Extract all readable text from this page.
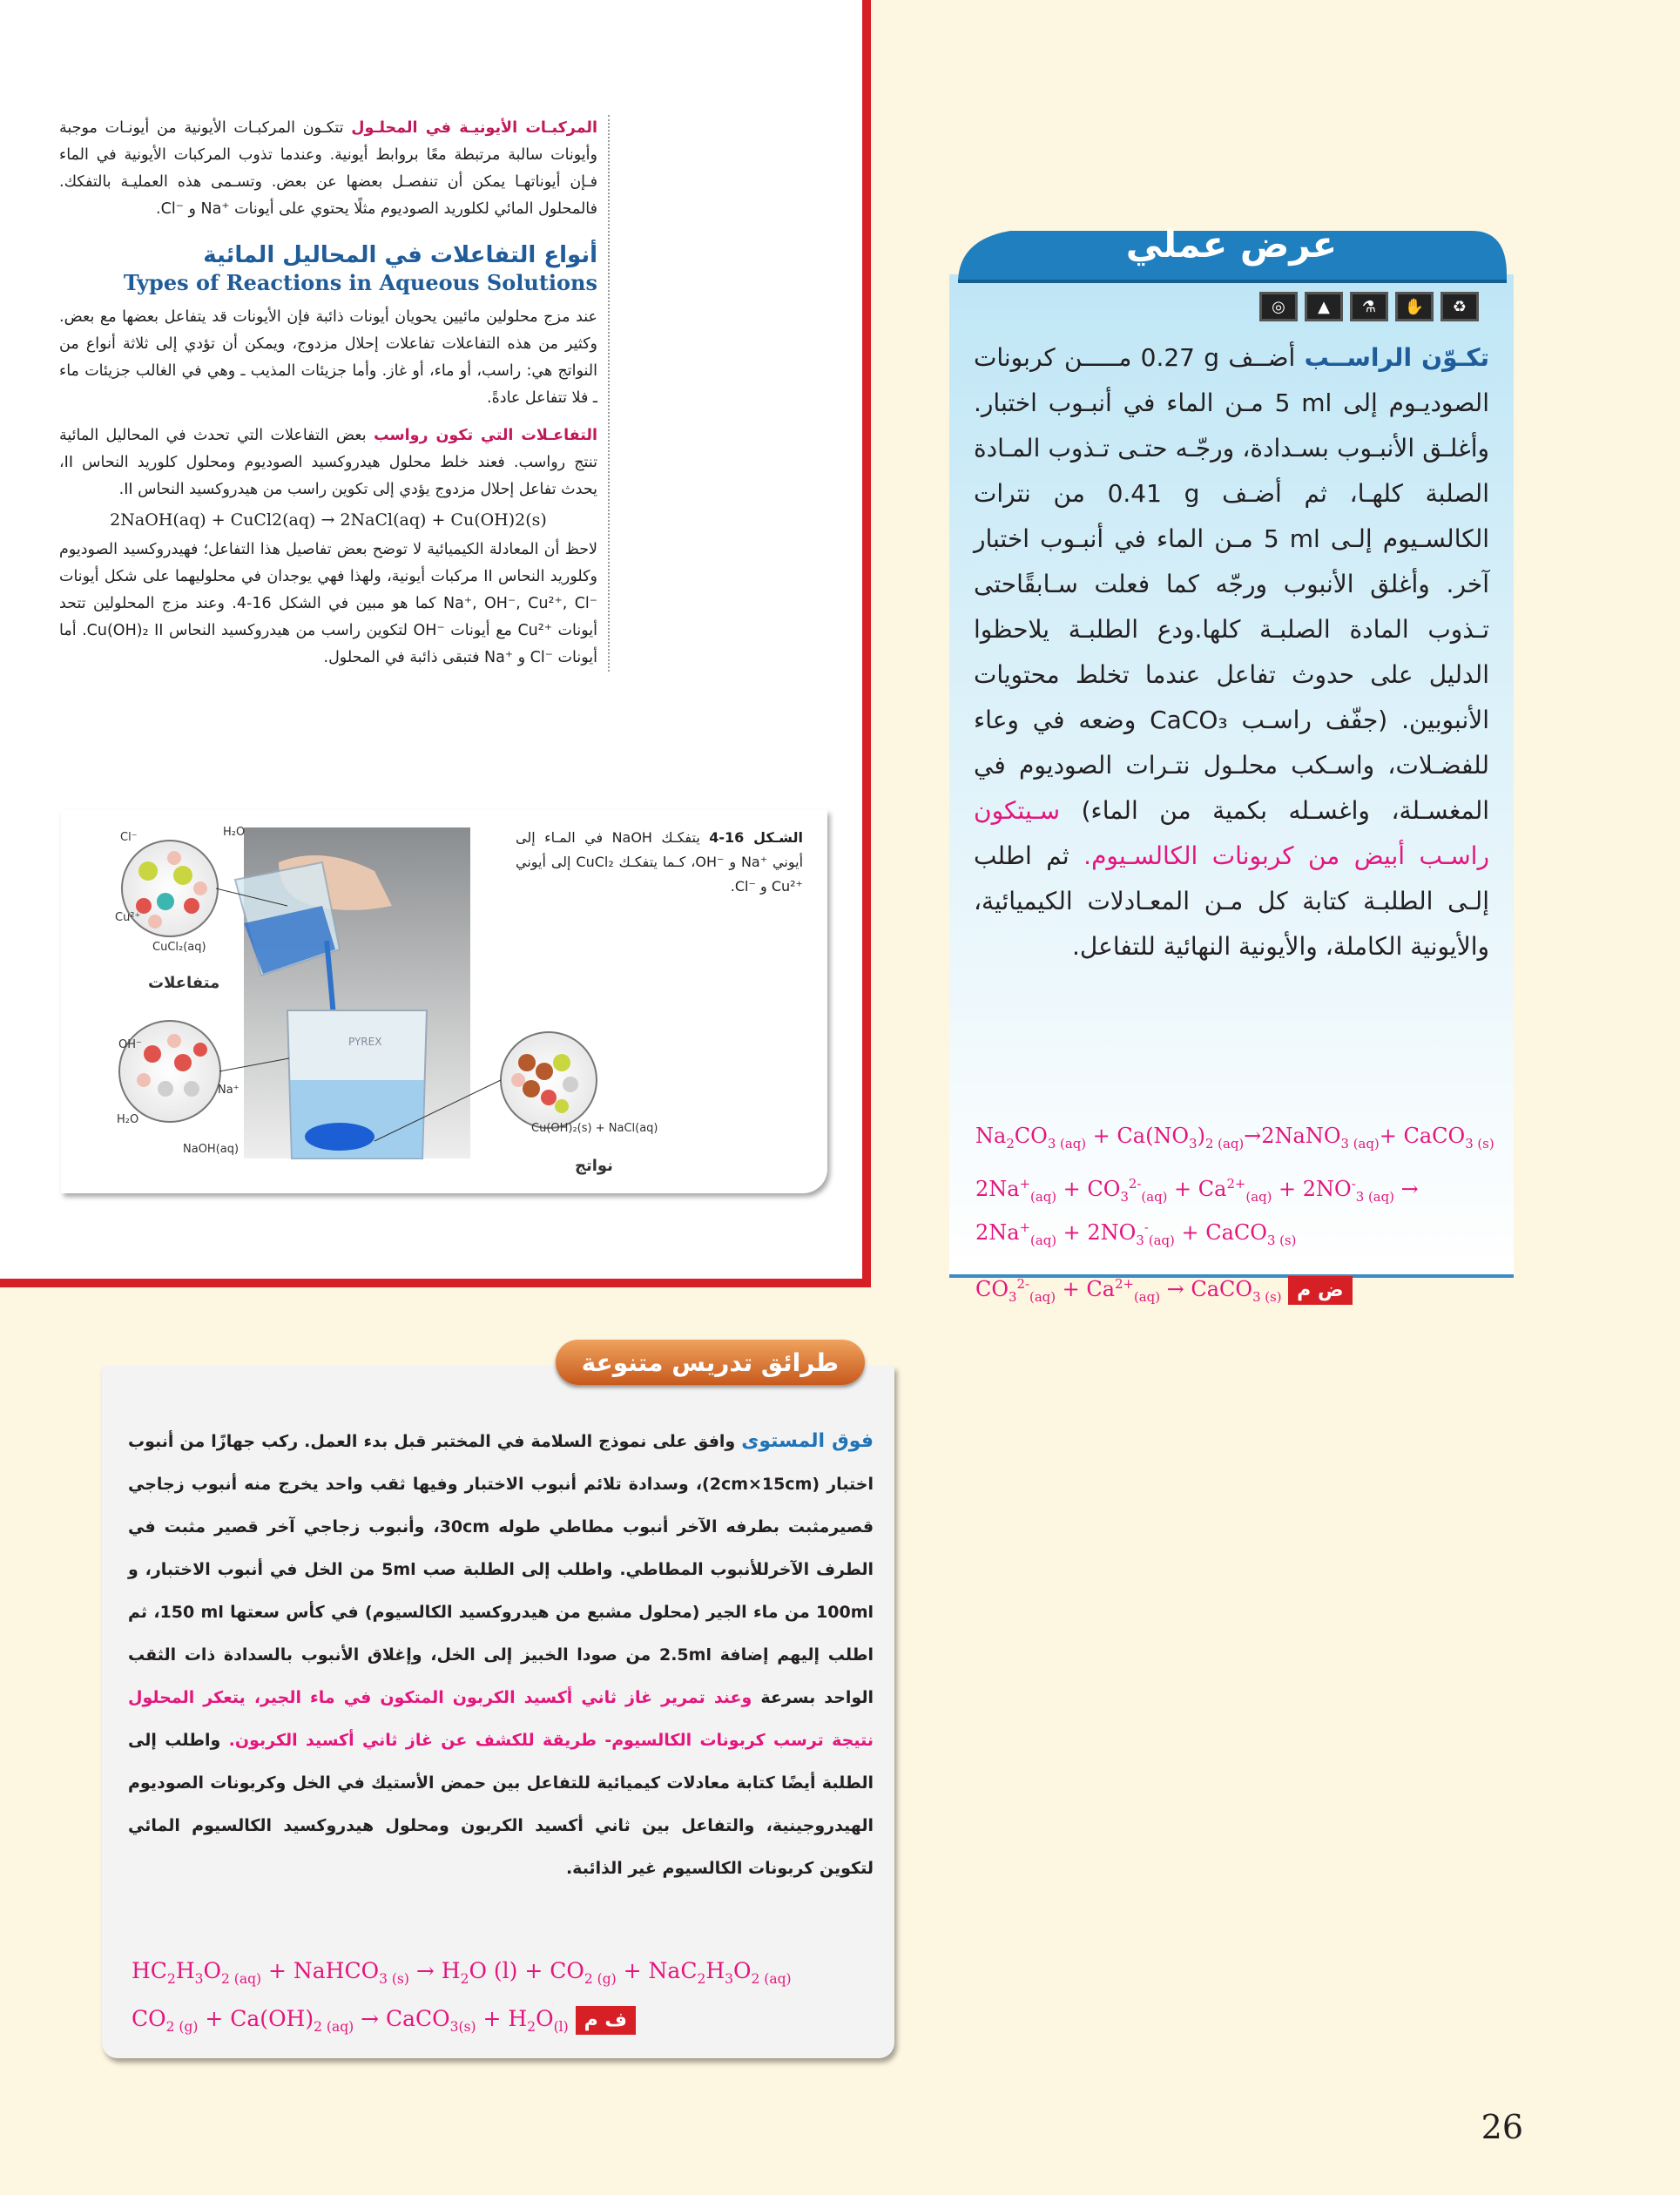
المركبـات الأيونيـة في المحلـول تتكـون المركبـات الأيونية من أيونـات موجبة وأيونات سالبة مرتبطة معًا بروابط أيونية. وعندما تذوب المركبات الأيونية في الماء فـإن أيوناتهـا يمكن أن تنفصـل بعضها عن بعض. وتسـمى هذه العمليـة بالتفكك. فالمحلول المائي لكلوريد الصوديوم مثلًا يحتوي على أيونات ‪Na⁺‬ و ‪Cl⁻‬.

أنواع التفاعلات في المحاليل المائية
Types of Reactions in Aqueous Solutions

عند مزج محلولين مائيين يحويان أيونات ذائبة فإن الأيونات قد يتفاعل بعضها مع بعض. وكثير من هذه التفاعلات تفاعلات إحلال مزدوج، ويمكن أن تؤدي إلى ثلاثة أنواع من النواتج هي: راسب، أو ماء، أو غاز. وأما جزيئات المذيب ـ وهي في الغالب جزيئات ماء ـ فلا تتفاعل عادةً.

التفاعـلات التي تكون رواسب بعض التفاعلات التي تحدث في المحاليل المائية تنتج رواسب. فعند خلط محلول هيدروكسيد الصوديوم ومحلول كلوريد النحاس II، يحدث تفاعل إحلال مزدوج يؤدي إلى تكوين راسب من هيدروكسيد النحاس II.

2NaOH(aq) + CuCl2(aq) → 2NaCl(aq) + Cu(OH)2(s)

لاحظ أن المعادلة الكيميائية لا توضح بعض تفاصيل هذا التفاعل؛ فهيدروكسيد الصوديوم وكلوريد النحاس II مركبات أيونية، ولهذا فهي يوجدان في محلوليهما على شكل أيونات ‪Na⁺, OH⁻, Cu²⁺, Cl⁻‬ كما هو مبين في الشكل 16-4. وعند مزج المحلولين تتحد أيونات ‪Cu²⁺‬ مع أيونات ‪OH⁻‬ لتكوين راسب من هيدروكسيد النحاس ‪Cu(OH)₂ II‬. أما أيونات ‪Cl⁻‬ و ‪Na⁺‬ فتبقى ذائبة في المحلول.

الشـكل 16-4 يتفكـك ‪NaOH‬ في المـاء إلى أيوني ‪Na⁺‬ و ‪OH⁻‬، كـما يتفكـك ‪CuCl₂‬ إلى أيوني ‪Cu²⁺‬ و ‪Cl⁻‬.
PYREX
Cl⁻	H₂O
Cu²⁺
CuCl₂(aq)
متفاعلات
OH⁻
Na⁺
H₂O
NaOH(aq)
Cu(OH)₂(s) + NaCl(aq)
نواتج
◎	▲	⚗	✋	♻
تكـوّن الراســب أضــف ‪0.27 g‬ مـــــن كربونات الصوديـوم إلى ‪5 ml‬ مـن الماء في أنبـوب اختبار. وأغلـق الأنبـوب بسـدادة، ورجّـه حتـى تـذوب المـادة الصلبة كلهـا، ثم أضـف ‪0.41 g‬ من نترات الكالسـيوم إلـى ‪5 ml‬ مـن الماء في أنبـوب اختبار آخر. وأغلق الأنبوب ورجّه كما فعلت سـابقًاحتى تـذوب المادة الصلبـة كلها.ودع الطلبـة يلاحظوا الدليل على حدوث تفاعل عندما تخلط محتويات الأنبوبين. (جفّف راسـب ‪CaCO₃‬ وضعه في وعاء للفضـلات، واسـكب محلـول نتـرات الصوديوم في المغسـلة، واغسـله بكمية من الماء) سـيتكون راسـب أبيض من كربونات الكالسـيوم. ثم اطلب إلـى الطلبـة كتابة كل مـن المعـادلات الكيميائية، والأيونية الكاملة، والأيونية النهائية للتفاعل.
$Na_2CO_{3 (aq)}$ + $Ca(NO_3)_{2 (aq)}\to 2NaNO_{3 (aq)}+$ CaCO$_{3 (s)}$
$2Na^+_{(aq)} + CO_3^{2-}_{(aq)} + Ca^{2+}_{(aq)} + 2NO^-_{3 (aq)}$ →
$2Na^+_{(aq)} + 2NO_3^-_{(aq)}$ + CaCO$_{3 (s)}$
$CO_3^{2-}_{(aq)} + Ca^{2+}_{(aq)}$ → CaCO$_{3 (s)}$ ض م
عرض عملي
طرائق تدريس متنوعة
فوق المستوى وافق على نموذج السلامة في المختبر قبل بدء العمل. ركب جهازًا من أنبوب اختبار ‪(2cm×15cm)‬، وسدادة تلائم أنبوب الاختبار وفيها ثقب واحد يخرج منه أنبوب زجاجي قصيرمثبت بطرفه الآخر أنبوب مطاطي طوله ‪30cm‬، وأنبوب زجاجي آخر قصير مثبت في الطرف الآخرللأنبوب المطاطي. واطلب إلى الطلبة صب ‪5ml‬ من الخل في أنبوب الاختبار، و ‪100ml‬ من ماء الجير (محلول مشبع من هيدروكسيد الكالسيوم) في كأس سعتها ‪150 ml‬، ثم اطلب إليهم إضافة ‪2.5ml‬ من صودا الخبيز إلى الخل، وإغلاق الأنبوب بالسدادة ذات الثقب الواحد بسرعة وعند تمرير غاز ثاني أكسيد الكربون المتكون في ماء الجير، يتعكر المحلول نتيجة ترسب كربونات الكالسيوم- طريقة للكشف عن غاز ثاني أكسيد الكربون. واطلب إلى الطلبة أيضًا كتابة معادلات كيميائية للتفاعل بين حمض الأستيك في الخل وكربونات الصوديوم الهيدروجينية، والتفاعل بين ثاني أكسيد الكربون ومحلول هيدروكسيد الكالسيوم المائي لتكوين كربونات الكالسيوم غير الذائبة.
$HC_2H_3O_{2 (aq)}$ + NaHCO$_{3 (s)}$ → $H_2O$ $(l) + CO_{2 (g)} + NaC_2H_3O_{2 (aq)}$
$CO_{2 (g)} + Ca(OH)_{2 (aq)}$ → CaCO$_{3(s)}$ + $H_2O_{(l)}$ ف م
26
